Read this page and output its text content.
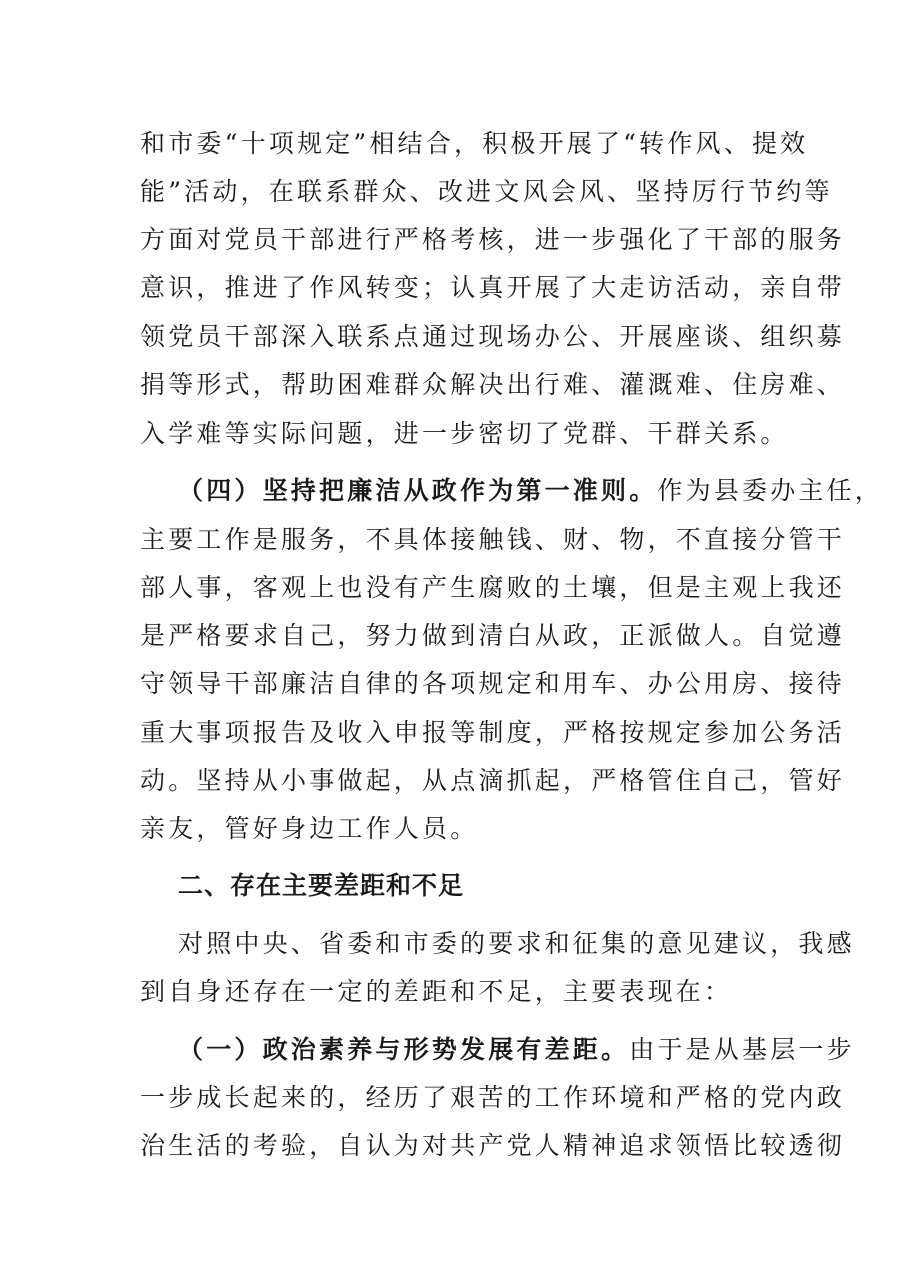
和市委“十项规定”相结合，积极开展了“转作风、提效
能”活动，在联系群众、改进文风会风、坚持厉行节约等
方面对党员干部进行严格考核，进一步强化了干部的服务
意识，推进了作风转变；认真开展了大走访活动，亲自带
领党员干部深入联系点通过现场办公、开展座谈、组织募
捐等形式，帮助困难群众解决出行难、灌溉难、住房难、
入学难等实际问题，进一步密切了党群、干群关系。
（四）坚持把廉洁从政作为第一准则。作为县委办主任，
主要工作是服务，不具体接触钱、财、物，不直接分管干
部人事，客观上也没有产生腐败的土壤，但是主观上我还
是严格要求自己，努力做到清白从政，正派做人。自觉遵
守领导干部廉洁自律的各项规定和用车、办公用房、接待
重大事项报告及收入申报等制度，严格按规定参加公务活
动。坚持从小事做起，从点滴抓起，严格管住自己，管好
亲友，管好身边工作人员。
二、存在主要差距和不足
对照中央、省委和市委的要求和征集的意见建议，我感
到自身还存在一定的差距和不足，主要表现在：
（一）政治素养与形势发展有差距。由于是从基层一步
一步成长起来的，经历了艰苦的工作环境和严格的党内政
治生活的考验，自认为对共产党人精神追求领悟比较透彻
